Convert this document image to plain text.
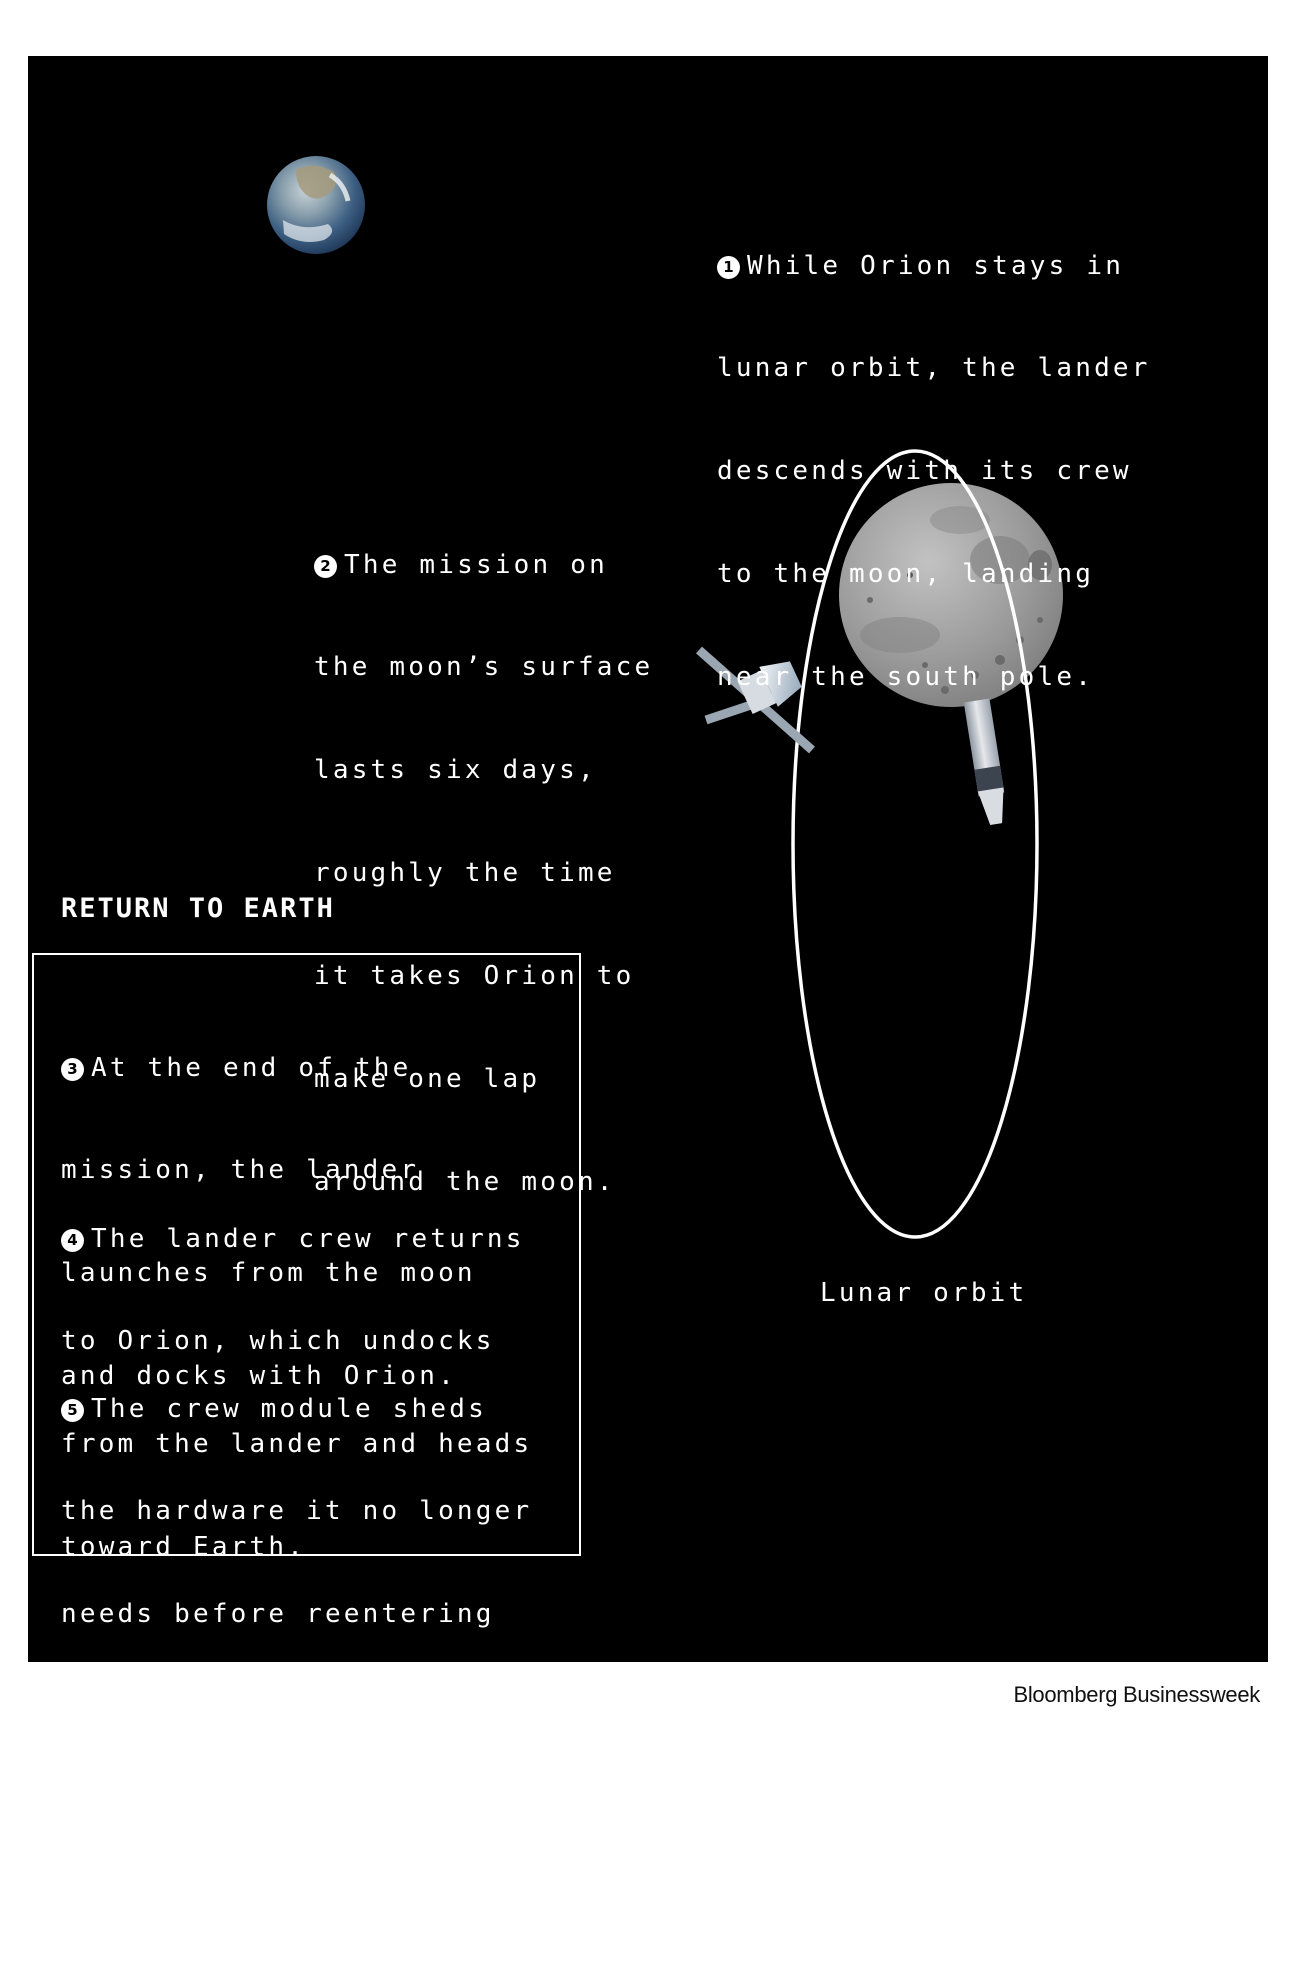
1 While Orion stays in

lunar orbit, the lander

descends with its crew

to the moon, landing

near the south pole.

2 The mission on

the moon’s surface

lasts six days,

roughly the time

it takes Orion to

make one lap

around the moon.

RETURN TO EARTH

3 At the end of the

mission, the lander

launches from the moon

and docks with Orion.

4 The lander crew returns

to Orion, which undocks

from the lander and heads

toward Earth.

5 The crew module sheds

the hardware it no longer

needs before reentering

Earth’s atmosphere and

splashing down in the

Pacific Ocean.

Lunar orbit
Bloomberg Businessweek
